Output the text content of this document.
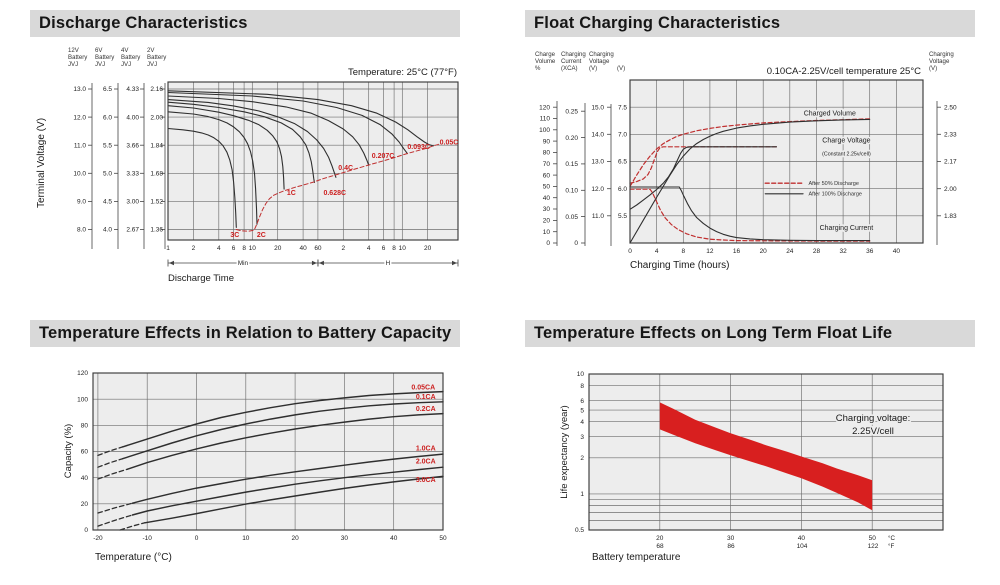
Discharge Characteristics	Float Charging Characteristics
Temperature Effects in Relation to Battery Capacity	Temperature Effects on Long Term Float Life
1	2	4 6 8 10	20	40 60	2	4 6 8 10	20
13.0
12.0
11.0
10.0
9.0
8.0
12V
Battery
JVJ
6.5
6.0
5.5
5.0
4.5
4.0
6V
Battery
JVJ
4.33
4.00
3.66
3.33
3.00
2.67
4V
Battery
JVJ
2.16
2.00
1.84
1.68
1.52
1.36
2V
Battery
JVJ
Temperature: 25°C (77°F)
Discharge Time
Terminal Voltage (V)
3C	2C
1C	0.628C
0.4C
0.207C
0.093C
0.05C
Min	H
0	4	8	12	16	20	24	28	32	36	40
0
10
20
30
40
50
60
70
80
90
100
110
120
Charge
Volume
%
0
0.05
0.10
0.15
0.20
0.25
Charging
Current
(XCA)
11.0
12.0
13.0
14.0
15.0
Charging
Voltage
(V)
5.5
6.0
6.5
7.0
7.5
(V)
1.83
2.00
2.17
2.33
2.50
Charging
Voltage
(V)
0.10CA-2.25V/cell temperature 25°C
Charging Time (hours)
Charged Volume
Charge Voltage
(Constant 2.25v/cell)
Charging Current
After 50% Discharge
After 100% Discharge
-20	-10	0	10	20	30	40	50
0
20
40
60
80
100
120
Temperature (°C)
Capacity (%)
0.05CA
0.1CA
0.2CA
1.0CA
2.0CA
3.0CA
20	30	40	50
10
8
6
5
4
3
2
1
0.5
Battery temperature
Life expectancy (year)	Charging voltage:
2.25V/cell
68	86	104	122
°C
°F
